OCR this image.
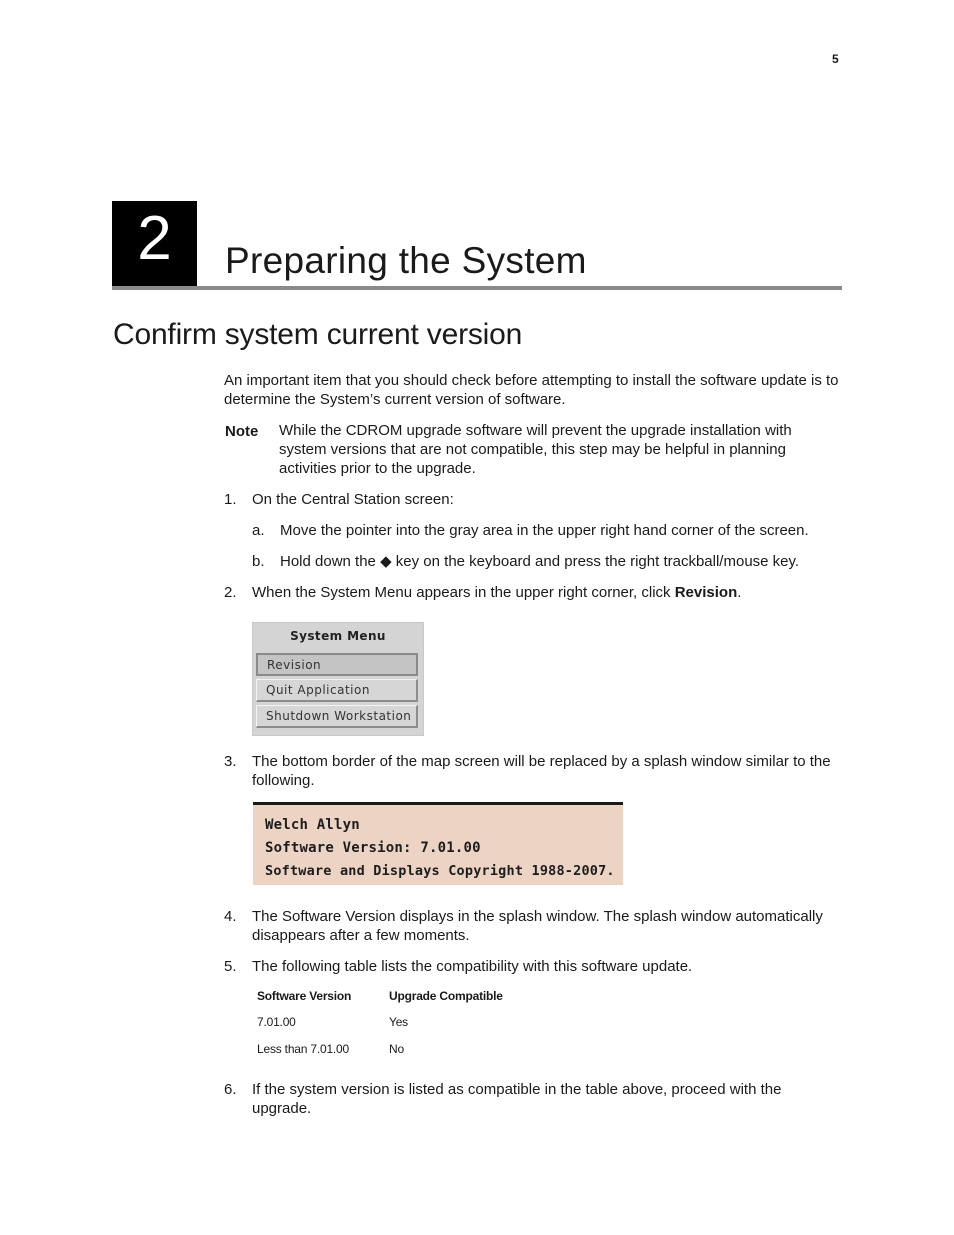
5
2	Preparing the System
Confirm system current version
An important item that you should check before attempting to install the software update is to determine the System’s current version of software.
Note While the CDROM upgrade software will prevent the upgrade installation with system versions that are not compatible, this step may be helpful in planning activities prior to the upgrade.
1. On the Central Station screen:
a. Move the pointer into the gray area in the upper right hand corner of the screen.
b. Hold down the ◆ key on the keyboard and press the right trackball/mouse key.
2. When the System Menu appears in the upper right corner, click Revision.
System Menu
Revision
Quit Application
Shutdown Workstation
3. The bottom border of the map screen will be replaced by a splash window similar to the following.
Welch Allyn
Software Version: 7.01.00
Software and Displays Copyright 1988-2007.
4. The Software Version displays in the splash window. The splash window automatically disappears after a few moments.
5. The following table lists the compatibility with this software update.
Software Version	Upgrade Compatible
7.01.00	Yes
Less than 7.01.00	No
6. If the system version is listed as compatible in the table above, proceed with the upgrade.
